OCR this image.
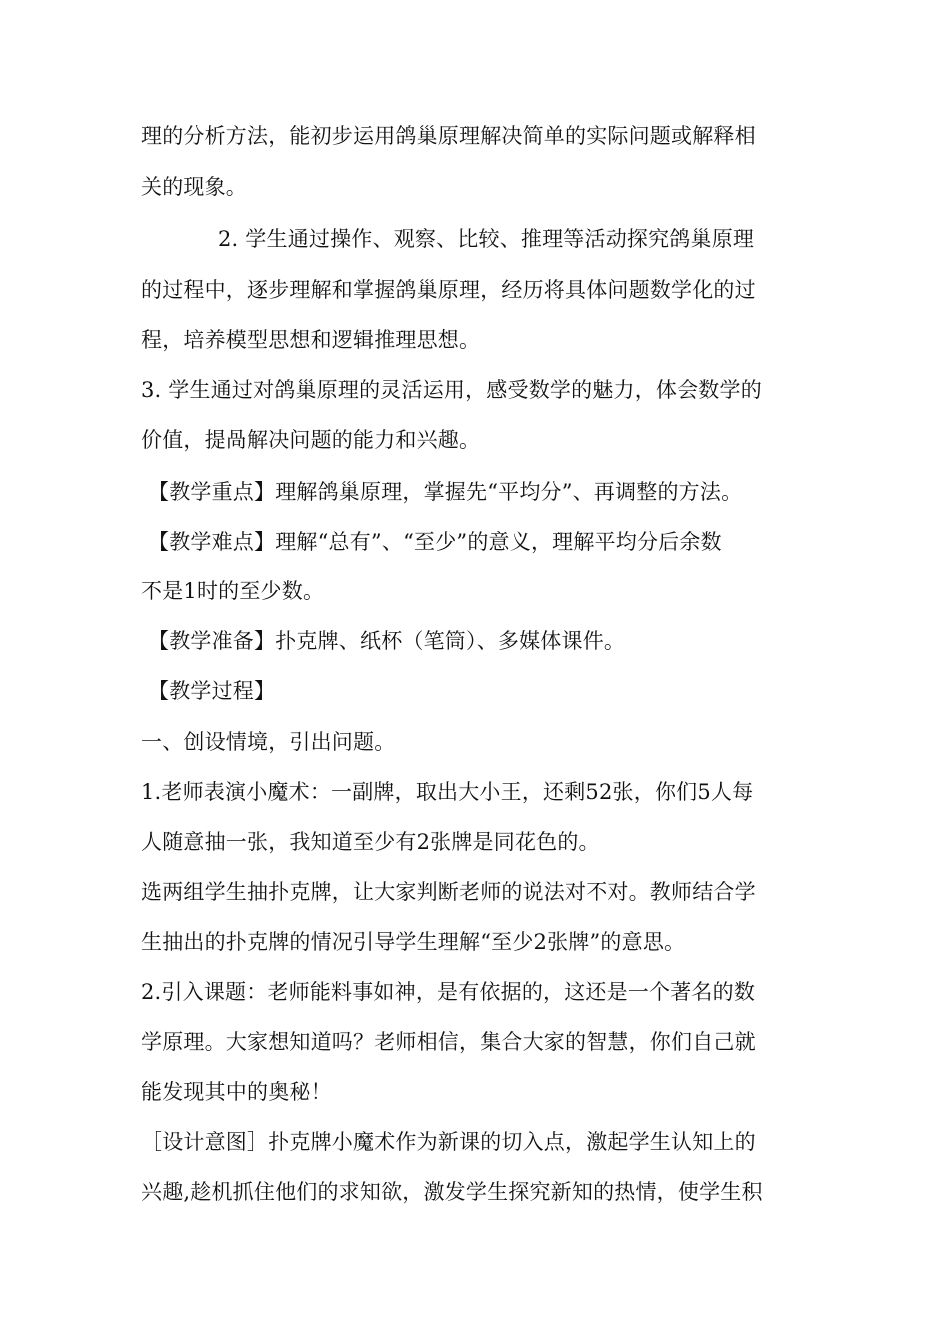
理的分析方法，能初步运用鸽巢原理解决简单的实际问题或解释相
关的现象。
2. 学生通过操作、观察、比较、推理等活动探究鸽巢原理
的过程中，逐步理解和掌握鸽巢原理，经历将具体问题数学化的过
程，培养模型思想和逻辑推理思想。
3. 学生通过对鸽巢原理的灵活运用，感受数学的魅力，体会数学的
价值，提咼解决问题的能力和兴趣。
【教学重点】理解鸽巢原理，掌握先“平均分”、再调整的方法。
【教学难点】理解“总有”、“至少”的意义，理解平均分后余数
不是1时的至少数。
【教学准备】扑克牌、纸杯（笔筒）、多媒体课件。
【教学过程】
一、创设情境，引出问题。
1.老师表演小魔术：一副牌，取出大小王，还剩52张，你们5人每
人随意抽一张，我知道至少有2张牌是同花色的。
选两组学生抽扑克牌，让大家判断老师的说法对不对。教师结合学
生抽出的扑克牌的情况引导学生理解“至少2张牌”的意思。
2.引入课题：老师能料事如神，是有依据的，这还是一个著名的数
学原理。大家想知道吗？老师相信，集合大家的智慧，你们自己就
能发现其中的奥秘！
［设计意图］扑克牌小魔术作为新课的切入点，激起学生认知上的
兴趣,趁机抓住他们的求知欲，激发学生探究新知的热情，使学生积
